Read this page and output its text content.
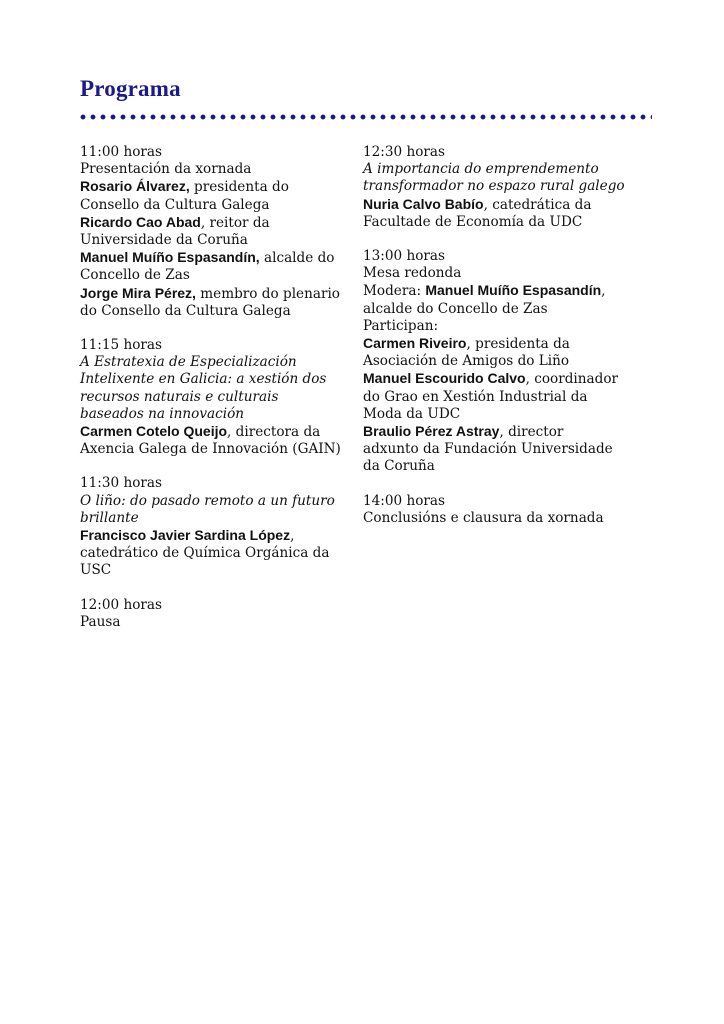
Programa
11:00 horas
Presentación da xornada
Rosario Álvarez, presidenta do
Consello da Cultura Galega
Ricardo Cao Abad, reitor da
Universidade da Coruña
Manuel Muíño Espasandín, alcalde do
Concello de Zas
Jorge Mira Pérez, membro do plenario
do Consello da Cultura Galega
11:15 horas
A Estratexia de Especialización
Intelixente en Galicia: a xestión dos
recursos naturais e culturais
baseados na innovación
Carmen Cotelo Queijo, directora da
Axencia Galega de Innovación (GAIN)
11:30 horas
O liño: do pasado remoto a un futuro
brillante
Francisco Javier Sardina López,
catedrático de Química Orgánica da
USC
12:00 horas
Pausa
12:30 horas
A importancia do emprendemento
transformador no espazo rural galego
Nuria Calvo Babío, catedrática da
Facultade de Economía da UDC
13:00 horas
Mesa redonda
Modera: Manuel Muíño Espasandín,
alcalde do Concello de Zas
Participan:
Carmen Riveiro, presidenta da
Asociación de Amigos do Liño
Manuel Escourido Calvo, coordinador
do Grao en Xestión Industrial da
Moda da UDC
Braulio Pérez Astray, director
adxunto da Fundación Universidade
da Coruña
14:00 horas
Conclusións e clausura da xornada
